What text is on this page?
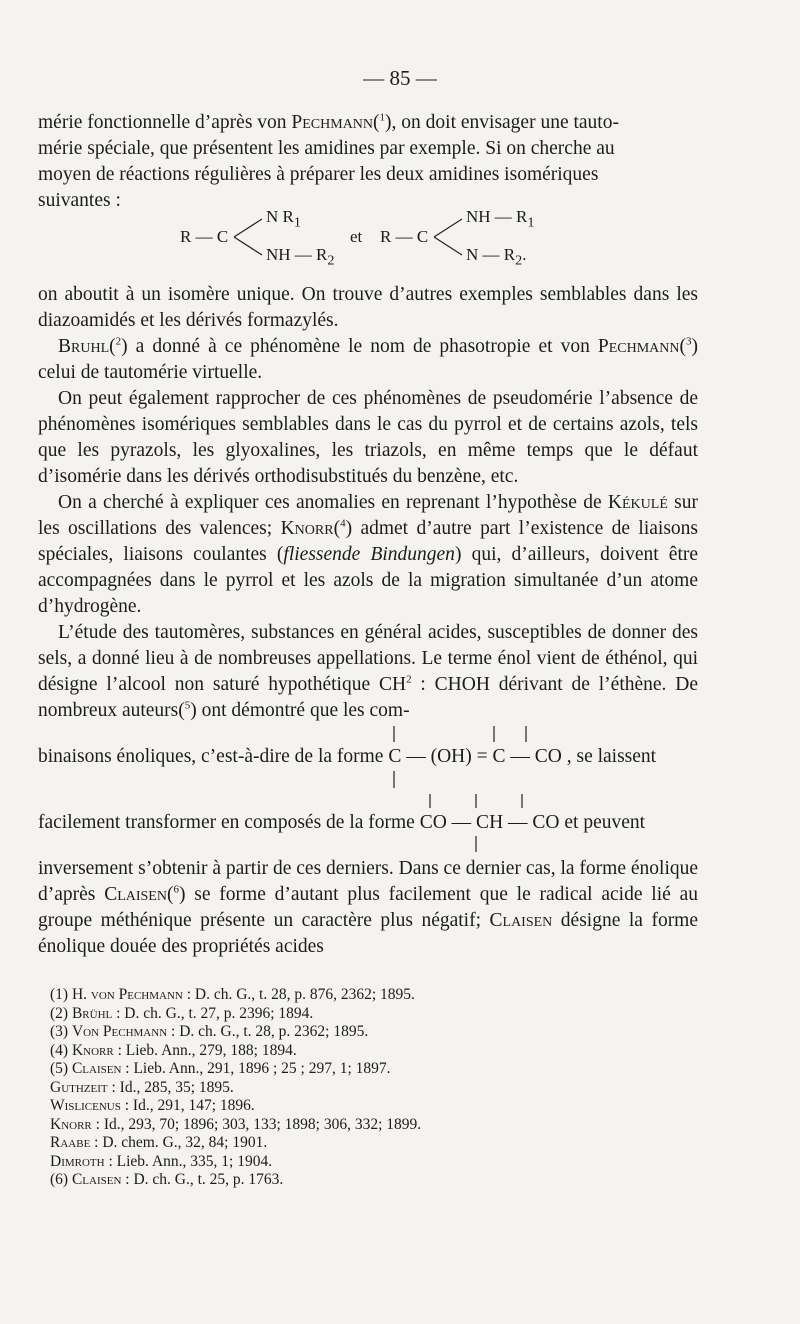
— 85 —

mérie fonctionnelle d’après von Pechmann($^1$), on doit envisager une tauto-

mérie spéciale, que présentent les amidines par exemple. Si on cherche au

moyen de réactions régulières à préparer les deux amidines isomériques

suivantes :

R — C
N $R_1$
NH — $R_2$
et R — C
NH — $R_1$
N — $R_2$.

on aboutit à un isomère unique. On trouve d’autres exemples semblables dans les diazoamidés et les dérivés formazylés.

Bruhl($^2$) a donné à ce phénomène le nom de phasotropie et von Pechmann($^3$) celui de tautomérie virtuelle.

On peut également rapprocher de ces phénomènes de pseudomérie l’absence de phénomènes isomériques semblables dans le cas du pyrrol et de certains azols, tels que les pyrazols, les glyoxalines, les triazols, en même temps que le défaut d’isomérie dans les dérivés orthodisubstitués du benzène, etc.

On a cherché à expliquer ces anomalies en reprenant l’hypothèse de Kékulé sur les oscillations des valences; Knorr($^4$) admet d’autre part l’existence de liaisons spéciales, liaisons coulantes (fliessende Bindungen) qui, d’ailleurs, doivent être accompagnées dans le pyrrol et les azols de la migration simultanée d’un atome d’hydrogène.

L’étude des tautomères, substances en général acides, susceptibles de donner des sels, a donné lieu à de nombreuses appellations. Le terme énol vient de éthénol, qui désigne l’alcool non saturé hypothétique $CH^2$ : CHOH dérivant de l’éthène. De nombreux auteurs($^5$) ont démontré que les com-

binaisons énoliques, c’est-à-dire de la forme C — (OH) = C — CO , se laissent
facilement transformer en composés de la forme CO — CH — CO
et peuvent

inversement s’obtenir à partir de ces derniers. Dans ce dernier cas, la forme énolique d’après Claisen($^6$) se forme d’autant plus facilement que le radical acide lié au groupe méthénique présente un caractère plus négatif; Claisen désigne la forme énolique douée des propriétés acides

(1) H. von Pechmann : D. ch. G., t. 28, p. 876, 2362; 1895.
(2) Brühl : D. ch. G., t. 27, p. 2396; 1894.
(3) Von Pechmann : D. ch. G., t. 28, p. 2362; 1895.
(4) Knorr : Lieb. Ann., 279, 188; 1894.
(5) Claisen : Lieb. Ann., 291, 1896 ; 25 ; 297, 1; 1897.
Guthzeit : Id., 285, 35; 1895.
Wislicenus : Id., 291, 147; 1896.
Knorr : Id., 293, 70; 1896; 303, 133; 1898; 306, 332; 1899.
Raabe : D. chem. G., 32, 84; 1901.
Dimroth : Lieb. Ann., 335, 1; 1904.
(6) Claisen : D. ch. G., t. 25, p. 1763.
